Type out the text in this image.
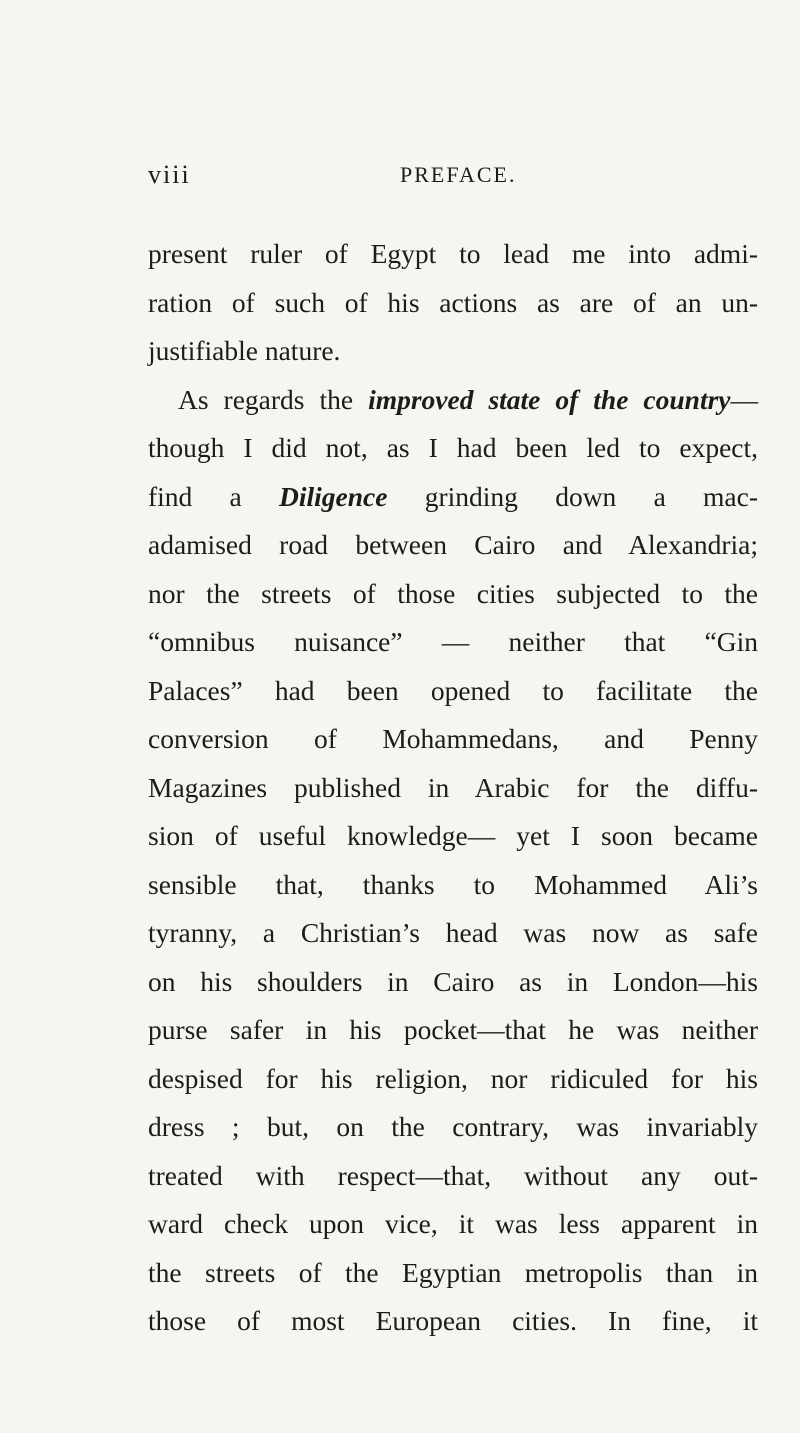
viii	PREFACE.
present ruler of Egypt to lead me into admi-
ration of such of his actions as are of an un-
justifiable nature.
As regards the improved state of the country—
though I did not, as I had been led to expect,
find a Diligence grinding down a mac-
adamised road between Cairo and Alexandria;
nor the streets of those cities subjected to the
“omnibus nuisance” — neither that “Gin
Palaces” had been opened to facilitate the
conversion of Mohammedans, and Penny
Magazines published in Arabic for the diffu-
sion of useful knowledge— yet I soon became
sensible that, thanks to Mohammed Ali’s
tyranny, a Christian’s head was now as safe
on his shoulders in Cairo as in London—his
purse safer in his pocket—that he was neither
despised for his religion, nor ridiculed for his
dress ; but, on the contrary, was invariably
treated with respect—that, without any out-
ward check upon vice, it was less apparent in
the streets of the Egyptian metropolis than in
those of most European cities. In fine, it
